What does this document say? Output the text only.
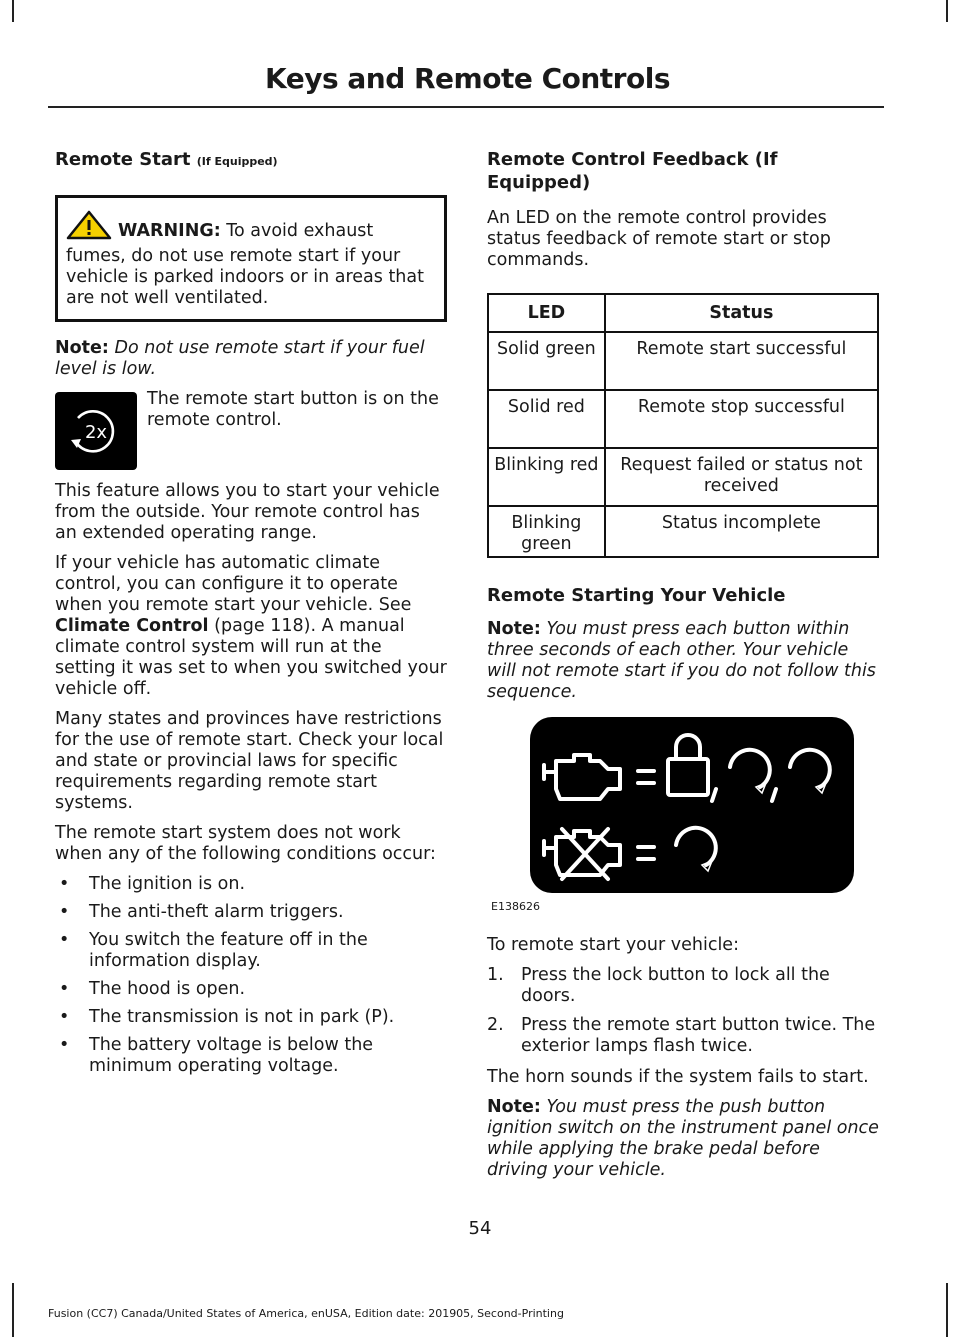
Keys and Remote Controls
Remote Start (If Equipped)
WARNING: To avoid exhaust fumes, do not use remote start if your vehicle is parked indoors or in areas that are not well ventilated.

Note: Do not use remote start if your fuel level is low.

2x
The remote start button is on the remote control.

This feature allows you to start your vehicle from the outside. Your remote control has an extended operating range.

If your vehicle has automatic climate control, you can configure it to operate when you remote start your vehicle. See Climate Control (page 118). A manual climate control system will run at the setting it was set to when you switched your vehicle off.

Many states and provinces have restrictions for the use of remote start. Check your local and state or provincial laws for specific requirements regarding remote start systems.

The remote start system does not work when any of the following conditions occur:

• The ignition is on.
• The anti-theft alarm triggers.
• You switch the feature off in the information display.
• The hood is open.
• The transmission is not in park (P).
• The battery voltage is below the minimum operating voltage.
Remote Control Feedback (If Equipped)

An LED on the remote control provides status feedback of remote start or stop commands.

LED	Status
Solid green	Remote start successful
Solid red	Remote stop successful
Blinking red	Request failed or status not received
Blinking green	Status incomplete
Remote Starting Your Vehicle

Note: You must press each button within three seconds of each other. Your vehicle will not remote start if you do not follow this sequence.

E138626

To remote start your vehicle:

1. Press the lock button to lock all the doors.
2. Press the remote start button twice. The exterior lamps flash twice.

The horn sounds if the system fails to start.

Note: You must press the push button ignition switch on the instrument panel once while applying the brake pedal before driving your vehicle.

54
Fusion (CC7) Canada/United States of America, enUSA, Edition date: 201905, Second-Printing
